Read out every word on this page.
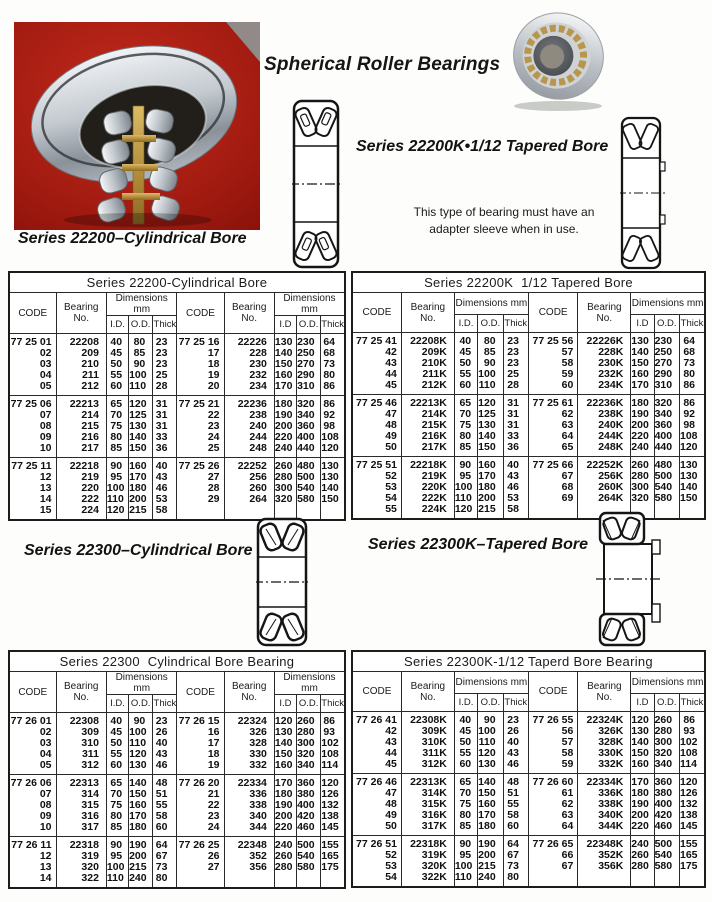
Series 22200–Cylindrical Bore
Spherical Roller Bearings
Series 22200K•1/12 Tapered Bore
This type of bearing must have an
adapter sleeve when in use.
Series 22200-Cylindrical Bore									
CODE	Bearing No.	Dimensions mm			CODE	Bearing No.	Dimensions mm		
		I.D.	O.D.	Thick			I.D	O.D.	Thick
77 25 01	22208	40	80	23	77 25 16	22226	130	230	64
02	209	45	85	23	17	228	140	250	68
03	210	50	90	23	18	230	150	270	73
04	211	55	100	25	19	232	160	290	80
05	212	60	110	28	20	234	170	310	86
77 25 06	22213	65	120	31	77 25 21	22236	180	320	86
07	214	70	125	31	22	238	190	340	92
08	215	75	130	31	23	240	200	360	98
09	216	80	140	33	24	244	220	400	108
10	217	85	150	36	25	248	240	440	120
77 25 11	22218	90	160	40	77 25 26	22252	260	480	130
12	219	95	170	43	27	256	280	500	130
13	220	100	180	46	28	260	300	540	140
14	222	110	200	53	29	264	320	580	150
15	224	120	215	58					
Series 22200K  1/12 Tapered Bore									
CODE	Bearing No.	Dimensions mm			CODE	Bearing No.	Dimensions mm		
		I.D.	O.D.	Thick			I.D	O.D.	Thick
77 25 41	22208K	40	80	23	77 25 56	22226K	130	230	64
42	209K	45	85	23	57	228K	140	250	68
43	210K	50	90	23	58	230K	150	270	73
44	211K	55	100	25	59	232K	160	290	80
45	212K	60	110	28	60	234K	170	310	86
77 25 46	22213K	65	120	31	77 25 61	22236K	180	320	86
47	214K	70	125	31	62	238K	190	340	92
48	215K	75	130	31	63	240K	200	360	98
49	216K	80	140	33	64	244K	220	400	108
50	217K	85	150	36	65	248K	240	440	120
77 25 51	22218K	90	160	40	77 25 66	22252K	260	480	130
52	219K	95	170	43	67	256K	280	500	130
53	220K	100	180	46	68	260K	300	540	140
54	222K	110	200	53	69	264K	320	580	150
55	224K	120	215	58					
Series 22300–Cylindrical Bore	Series 22300K–Tapered Bore
Series 22300  Cylindrical Bore Bearing									
CODE	Bearing No.	Dimensions mm			CODE	Bearing No.	Dimensions mm		
		I.D.	O.D.	Thick			I.D	O.D.	Thick
77 26 01	22308	40	90	23	77 26 15	22324	120	260	86
02	309	45	100	26	16	326	130	280	93
03	310	50	110	40	17	328	140	300	102
04	311	55	120	43	18	330	150	320	108
05	312	60	130	46	19	332	160	340	114
77 26 06	22313	65	140	48	77 26 20	22334	170	360	120
07	314	70	150	51	21	336	180	380	126
08	315	75	160	55	22	338	190	400	132
09	316	80	170	58	23	340	200	420	138
10	317	85	180	60	24	344	220	460	145
77 26 11	22318	90	190	64	77 26 25	22348	240	500	155
12	319	95	200	67	26	352	260	540	165
13	320	100	215	73	27	356	280	580	175
14	322	110	240	80					
Series 22300K-1/12 Taperd Bore Bearing									
CODE	Bearing No.	Dimensions mm			CODE	Bearing No.	Dimensions mm		
		I.D.	O.D.	Thick			I.D	O.D.	Thick
77 26 41	22308K	40	90	23	77 26 55	22324K	120	260	86
42	309K	45	100	26	56	326K	130	280	93
43	310K	50	110	40	57	328K	140	300	102
44	311K	55	120	43	58	330K	150	320	108
45	312K	60	130	46	59	332K	160	340	114
77 26 46	22313K	65	140	48	77 26 60	22334K	170	360	120
47	314K	70	150	51	61	336K	180	380	126
48	315K	75	160	55	62	338K	190	400	132
49	316K	80	170	58	63	340K	200	420	138
50	317K	85	180	60	64	344K	220	460	145
77 26 51	22318K	90	190	64	77 26 65	22348K	240	500	155
52	319K	95	200	67	66	352K	260	540	165
53	320K	100	215	73	67	356K	280	580	175
54	322K	110	240	80					
